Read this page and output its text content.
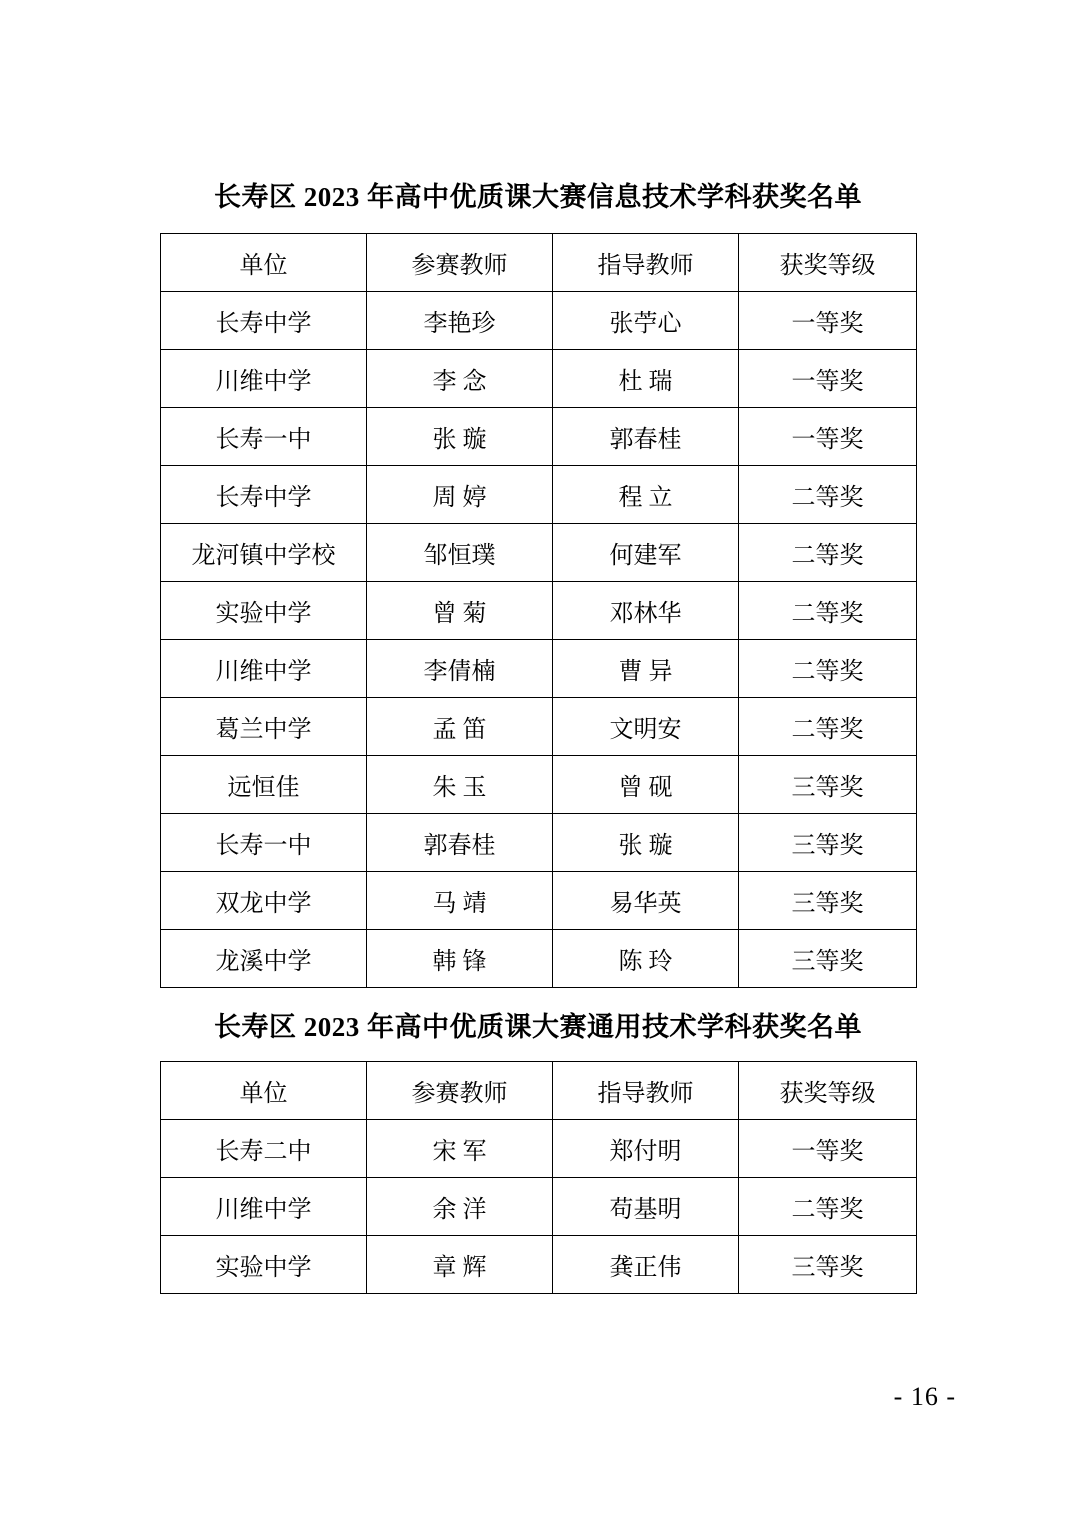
长寿区 2023 年高中优质课大赛信息技术学科获奖名单
单位	参赛教师	指导教师	获奖等级
长寿中学	李艳珍	张苧心	一等奖
川维中学	李 念	杜 瑞	一等奖
长寿一中	张 璇	郭春桂	一等奖
长寿中学	周 婷	程 立	二等奖
龙河镇中学校	邹恒璞	何建军	二等奖
实验中学	曾 菊	邓林华	二等奖
川维中学	李倩楠	曹 异	二等奖
葛兰中学	孟 笛	文明安	二等奖
远恒佳	朱 玉	曾 砚	三等奖
长寿一中	郭春桂	张 璇	三等奖
双龙中学	马 靖	易华英	三等奖
龙溪中学	韩 锋	陈 玲	三等奖
长寿区 2023 年高中优质课大赛通用技术学科获奖名单
单位	参赛教师	指导教师	获奖等级
长寿二中	宋 军	郑付明	一等奖
川维中学	余 洋	苟基明	二等奖
实验中学	章 辉	龚正伟	三等奖
- 16 -
